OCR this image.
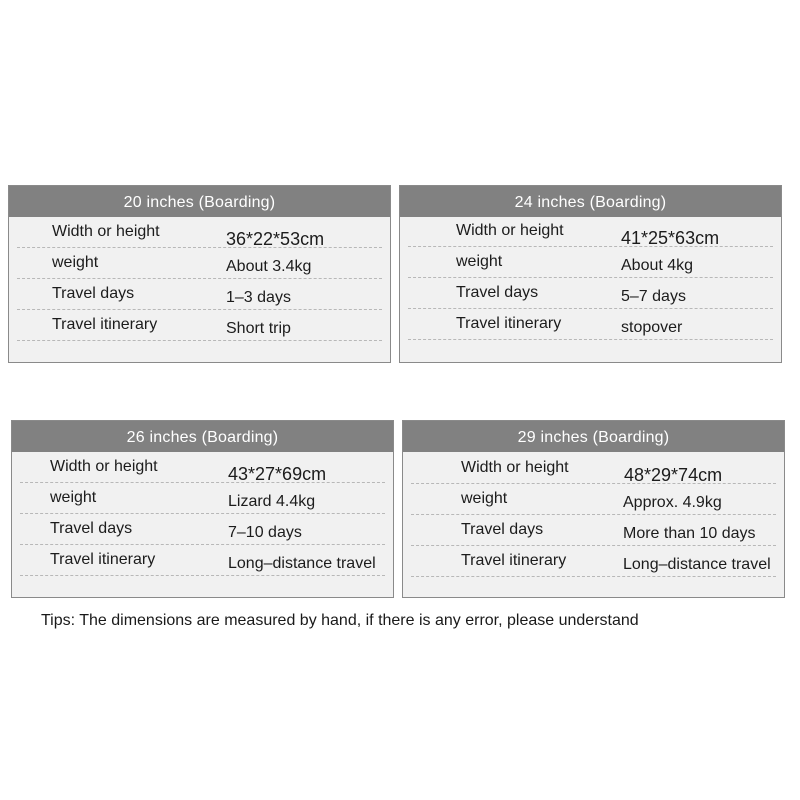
20 inches (Boarding)
Width or height	36*22*53cm
weight	About 3.4kg
Travel days	1–3 days
Travel itinerary	Short trip
24 inches (Boarding)
Width or height	41*25*63cm
weight	About 4kg
Travel days	5–7 days
Travel itinerary	stopover
26 inches (Boarding)
Width or height	43*27*69cm
weight	Lizard 4.4kg
Travel days	7–10 days
Travel itinerary	Long–distance travel
29 inches (Boarding)
Width or height	48*29*74cm
weight	Approx. 4.9kg
Travel days	More than 10 days
Travel itinerary	Long–distance travel
Tips: The dimensions are measured by hand, if there is any error, please understand
